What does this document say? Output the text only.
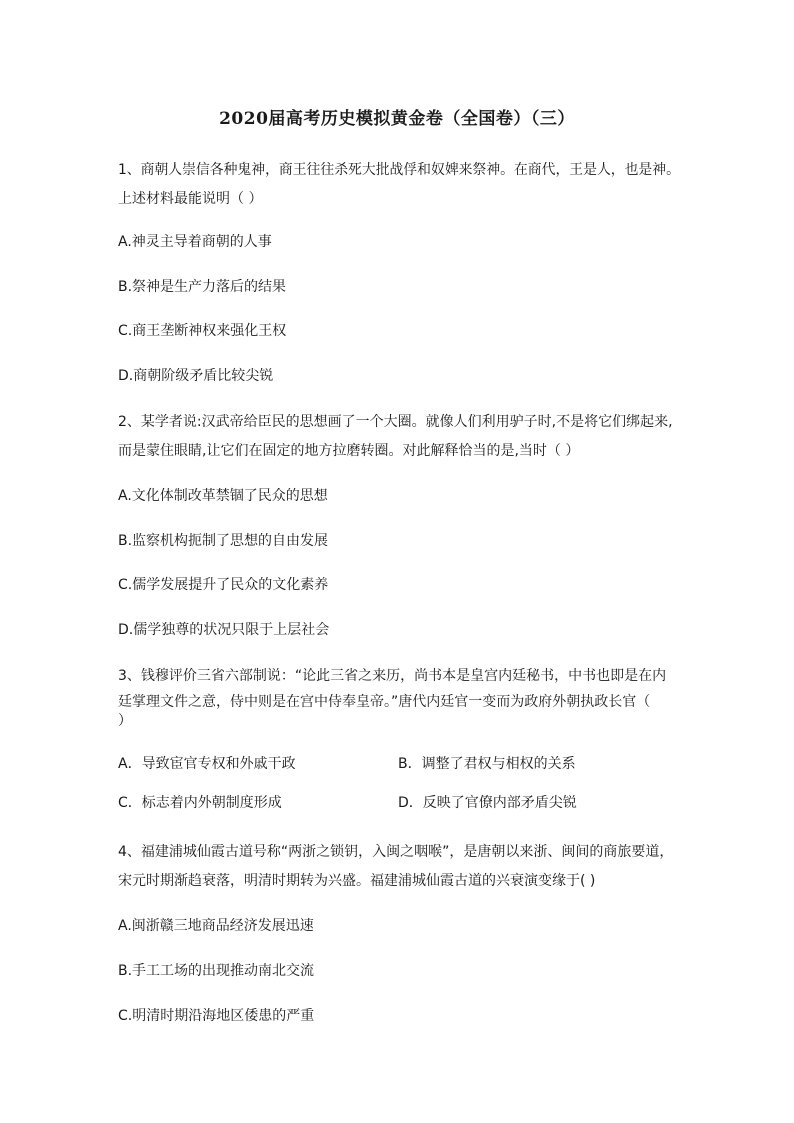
2020届高考历史模拟黄金卷（全国卷）（三）
1、商朝人崇信各种鬼神，商王往往杀死大批战俘和奴婢来祭神。在商代，王是人，也是神。
上述材料最能说明（ ）
A.神灵主导着商朝的人事
B.祭神是生产力落后的结果
C.商王垄断神权来强化王权
D.商朝阶级矛盾比较尖锐
2、某学者说:汉武帝给臣民的思想画了一个大圈。就像人们利用驴子时,不是将它们绑起来,
而是蒙住眼睛,让它们在固定的地方拉磨转圈。对此解释恰当的是,当时（ ）
A.文化体制改革禁锢了民众的思想
B.监察机构扼制了思想的自由发展
C.儒学发展提升了民众的文化素养
D.儒学独尊的状况只限于上层社会
3、钱穆评价三省六部制说：“论此三省之来历，尚书本是皇宫内廷秘书，中书也即是在内
廷掌理文件之意，侍中则是在宫中侍奉皇帝。”唐代内廷官一变而为政府外朝执政长官（
）
A．导致宦官专权和外戚干政	B．调整了君权与相权的关系
C．标志着内外朝制度形成	D．反映了官僚内部矛盾尖锐
4、福建浦城仙霞古道号称“两浙之锁钥，入闽之咽喉”，是唐朝以来浙、闽间的商旅要道，
宋元时期渐趋衰落，明清时期转为兴盛。福建浦城仙霞古道的兴衰演变缘于( )
A.闽浙赣三地商品经济发展迅速
B.手工工场的出现推动南北交流
C.明清时期沿海地区倭患的严重
